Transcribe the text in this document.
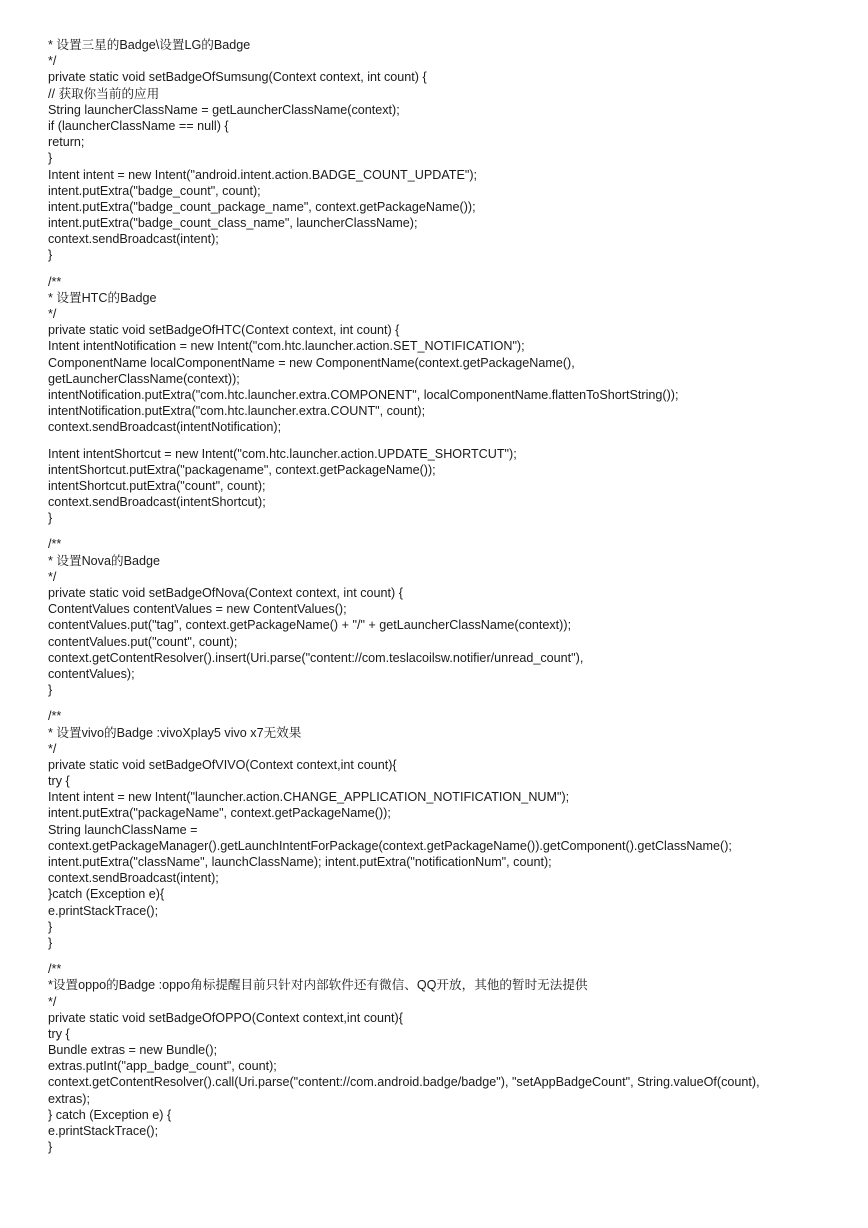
* 设置三星的Badge\设置LG的Badge
*/
private static void setBadgeOfSumsung(Context context, int count) {
// 获取你当前的应用
String launcherClassName = getLauncherClassName(context);
if (launcherClassName == null) {
return;
}
Intent intent = new Intent("android.intent.action.BADGE_COUNT_UPDATE");
intent.putExtra("badge_count", count);
intent.putExtra("badge_count_package_name", context.getPackageName());
intent.putExtra("badge_count_class_name", launcherClassName);
context.sendBroadcast(intent);
}
/**
* 设置HTC的Badge
*/
private static void setBadgeOfHTC(Context context, int count) {
Intent intentNotification = new Intent("com.htc.launcher.action.SET_NOTIFICATION");
ComponentName localComponentName = new ComponentName(context.getPackageName(),
getLauncherClassName(context));
intentNotification.putExtra("com.htc.launcher.extra.COMPONENT", localComponentName.flattenToShortString());
intentNotification.putExtra("com.htc.launcher.extra.COUNT", count);
context.sendBroadcast(intentNotification);
Intent intentShortcut = new Intent("com.htc.launcher.action.UPDATE_SHORTCUT");
intentShortcut.putExtra("packagename", context.getPackageName());
intentShortcut.putExtra("count", count);
context.sendBroadcast(intentShortcut);
}
/**
* 设置Nova的Badge
*/
private static void setBadgeOfNova(Context context, int count) {
ContentValues contentValues = new ContentValues();
contentValues.put("tag", context.getPackageName() + "/" + getLauncherClassName(context));
contentValues.put("count", count);
context.getContentResolver().insert(Uri.parse("content://com.teslacoilsw.notifier/unread_count"),
contentValues);
}
/**
* 设置vivo的Badge :vivoXplay5 vivo x7无效果
*/
private static void setBadgeOfVIVO(Context context,int count){
try {
Intent intent = new Intent("launcher.action.CHANGE_APPLICATION_NOTIFICATION_NUM");
intent.putExtra("packageName", context.getPackageName());
String launchClassName =
context.getPackageManager().getLaunchIntentForPackage(context.getPackageName()).getComponent().getClassName();
intent.putExtra("className", launchClassName); intent.putExtra("notificationNum", count);
context.sendBroadcast(intent);
}catch (Exception e){
e.printStackTrace();
}
}
/**
*设置oppo的Badge :oppo角标提醒目前只针对内部软件还有微信、QQ开放，其他的暂时无法提供
*/
private static void setBadgeOfOPPO(Context context,int count){
try {
Bundle extras = new Bundle();
extras.putInt("app_badge_count", count);
context.getContentResolver().call(Uri.parse("content://com.android.badge/badge"), "setAppBadgeCount", String.valueOf(count),
extras);
} catch (Exception e) {
e.printStackTrace();
}
